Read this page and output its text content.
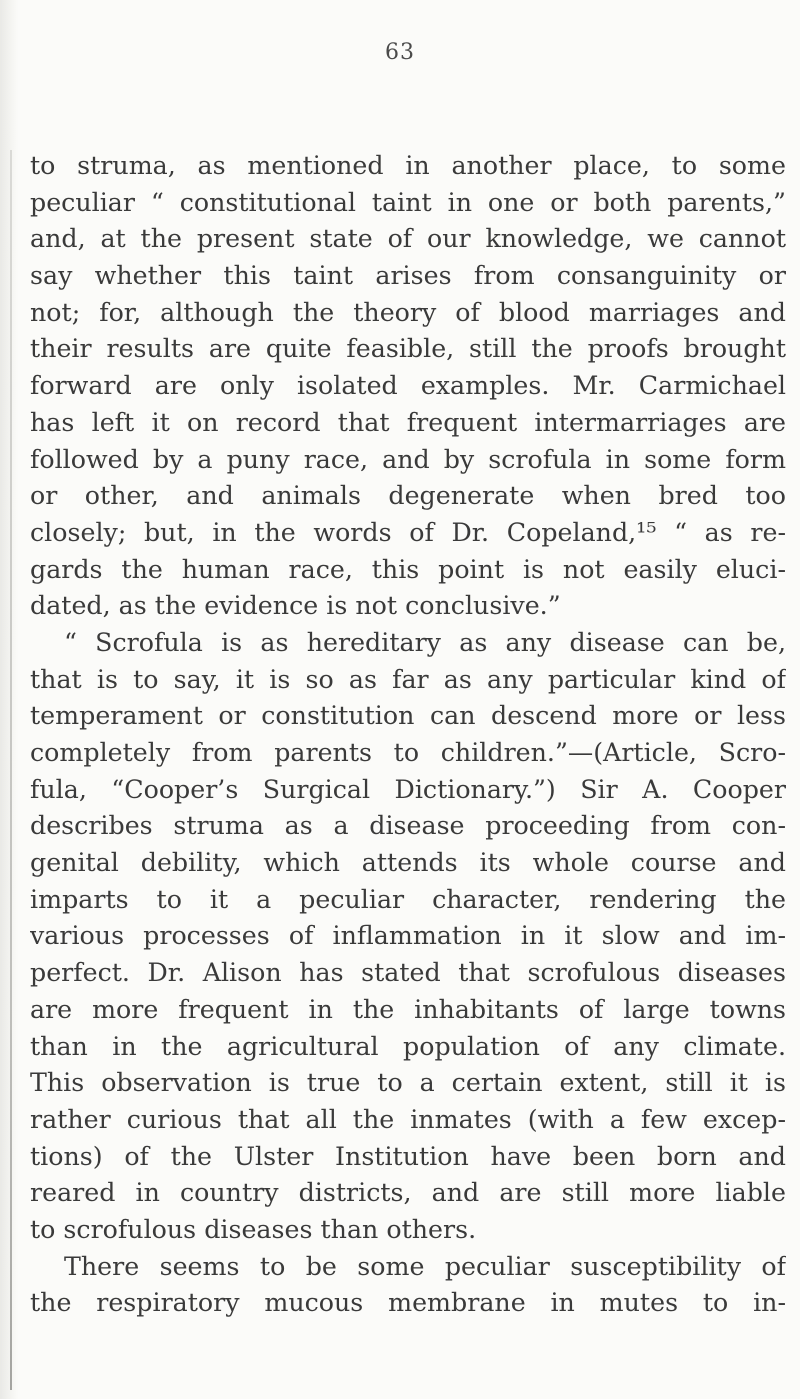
63
to struma, as mentioned in another place, to some
peculiar “ constitutional taint in one or both parents,”
and, at the present state of our knowledge, we cannot
say whether this taint arises from consanguinity or
not; for, although the theory of blood marriages and
their results are quite feasible, still the proofs brought
forward are only isolated examples. Mr. Carmichael
has left it on record that frequent intermarriages are
followed by a puny race, and by scrofula in some form
or other, and animals degenerate when bred too
closely; but, in the words of Dr. Copeland,¹⁵ “ as re-
gards the human race, this point is not easily eluci-
dated, as the evidence is not conclusive.”
“ Scrofula is as hereditary as any disease can be,
that is to say, it is so as far as any particular kind of
temperament or constitution can descend more or less
completely from parents to children.”—(Article, Scro-
fula, “Cooper’s Surgical Dictionary.”) Sir A. Cooper
describes struma as a disease proceeding from con-
genital debility, which attends its whole course and
imparts to it a peculiar character, rendering the
various processes of inflammation in it slow and im-
perfect. Dr. Alison has stated that scrofulous diseases
are more frequent in the inhabitants of large towns
than in the agricultural population of any climate.
This observation is true to a certain extent, still it is
rather curious that all the inmates (with a few excep-
tions) of the Ulster Institution have been born and
reared in country districts, and are still more liable
to scrofulous diseases than others.
There seems to be some peculiar susceptibility of
the respiratory mucous membrane in mutes to in-
